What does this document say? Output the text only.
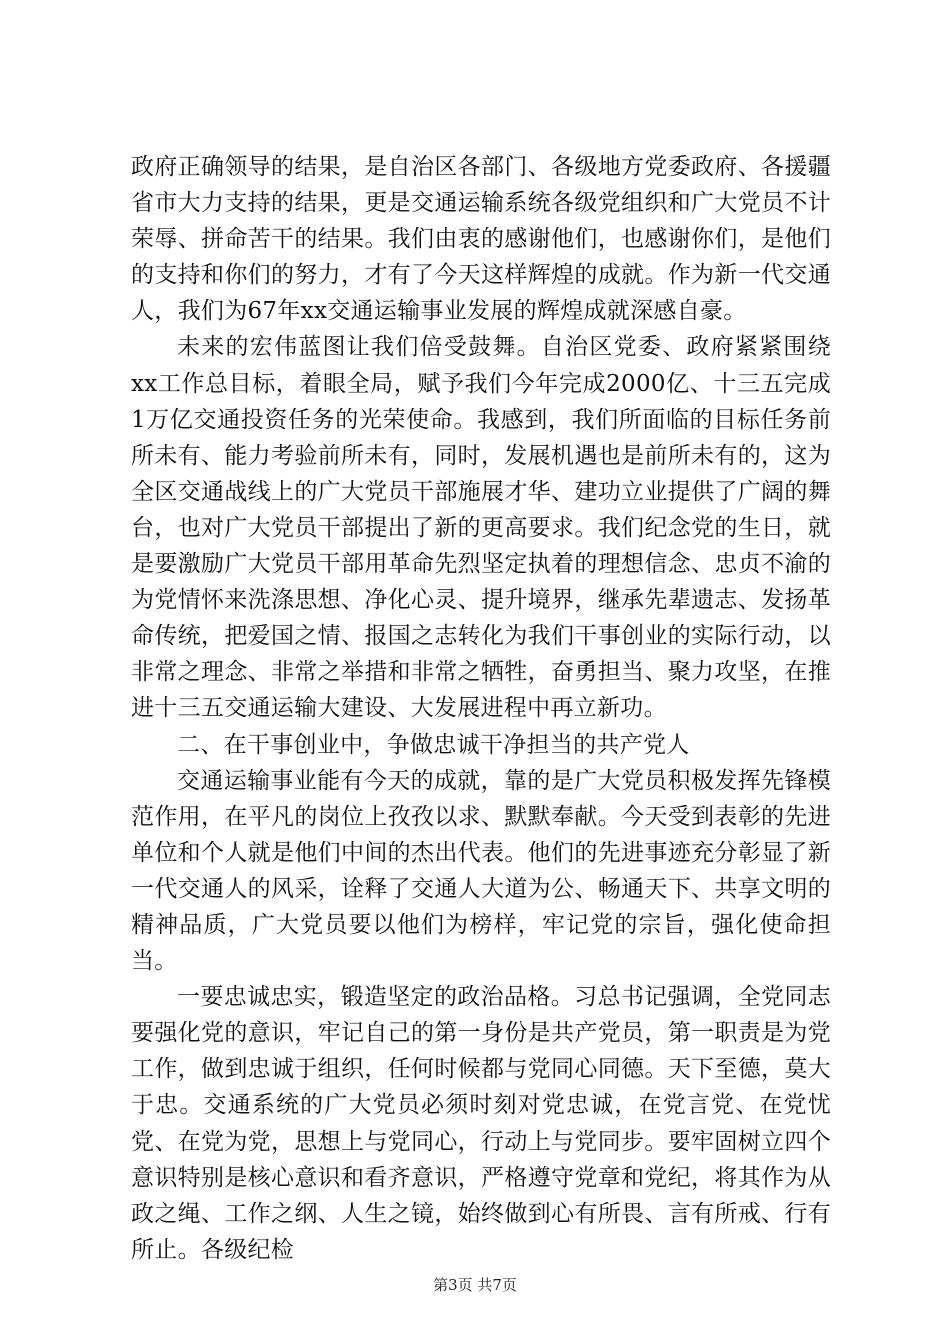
政府正确领导的结果，是自治区各部门、各级地方党委政府、各援疆省市大力支持的结果，更是交通运输系统各级党组织和广大党员不计荣辱、拼命苦干的结果。我们由衷的感谢他们，也感谢你们，是他们的支持和你们的努力，才有了今天这样辉煌的成就。作为新一代交通人，我们为67年xx交通运输事业发展的辉煌成就深感自豪。

未来的宏伟蓝图让我们倍受鼓舞。自治区党委、政府紧紧围绕xx工作总目标，着眼全局，赋予我们今年完成2000亿、十三五完成1万亿交通投资任务的光荣使命。我感到，我们所面临的目标任务前所未有、能力考验前所未有，同时，发展机遇也是前所未有的，这为全区交通战线上的广大党员干部施展才华、建功立业提供了广阔的舞台，也对广大党员干部提出了新的更高要求。我们纪念党的生日，就是要激励广大党员干部用革命先烈坚定执着的理想信念、忠贞不渝的为党情怀来洗涤思想、净化心灵、提升境界，继承先辈遗志、发扬革命传统，把爱国之情、报国之志转化为我们干事创业的实际行动，以非常之理念、非常之举措和非常之牺牲，奋勇担当、聚力攻坚，在推进十三五交通运输大建设、大发展进程中再立新功。

二、在干事创业中，争做忠诚干净担当的共产党人

交通运输事业能有今天的成就，靠的是广大党员积极发挥先锋模范作用，在平凡的岗位上孜孜以求、默默奉献。今天受到表彰的先进单位和个人就是他们中间的杰出代表。他们的先进事迹充分彰显了新一代交通人的风采，诠释了交通人大道为公、畅通天下、共享文明的精神品质，广大党员要以他们为榜样，牢记党的宗旨，强化使命担当。

一要忠诚忠实，锻造坚定的政治品格。习总书记强调，全党同志要强化党的意识，牢记自己的第一身份是共产党员，第一职责是为党工作，做到忠诚于组织，任何时候都与党同心同德。天下至德，莫大于忠。交通系统的广大党员必须时刻对党忠诚，在党言党、在党忧党、在党为党，思想上与党同心，行动上与党同步。要牢固树立四个意识特别是核心意识和看齐意识，严格遵守党章和党纪，将其作为从政之绳、工作之纲、人生之镜，始终做到心有所畏、言有所戒、行有所止。各级纪检

第3页 共7页
